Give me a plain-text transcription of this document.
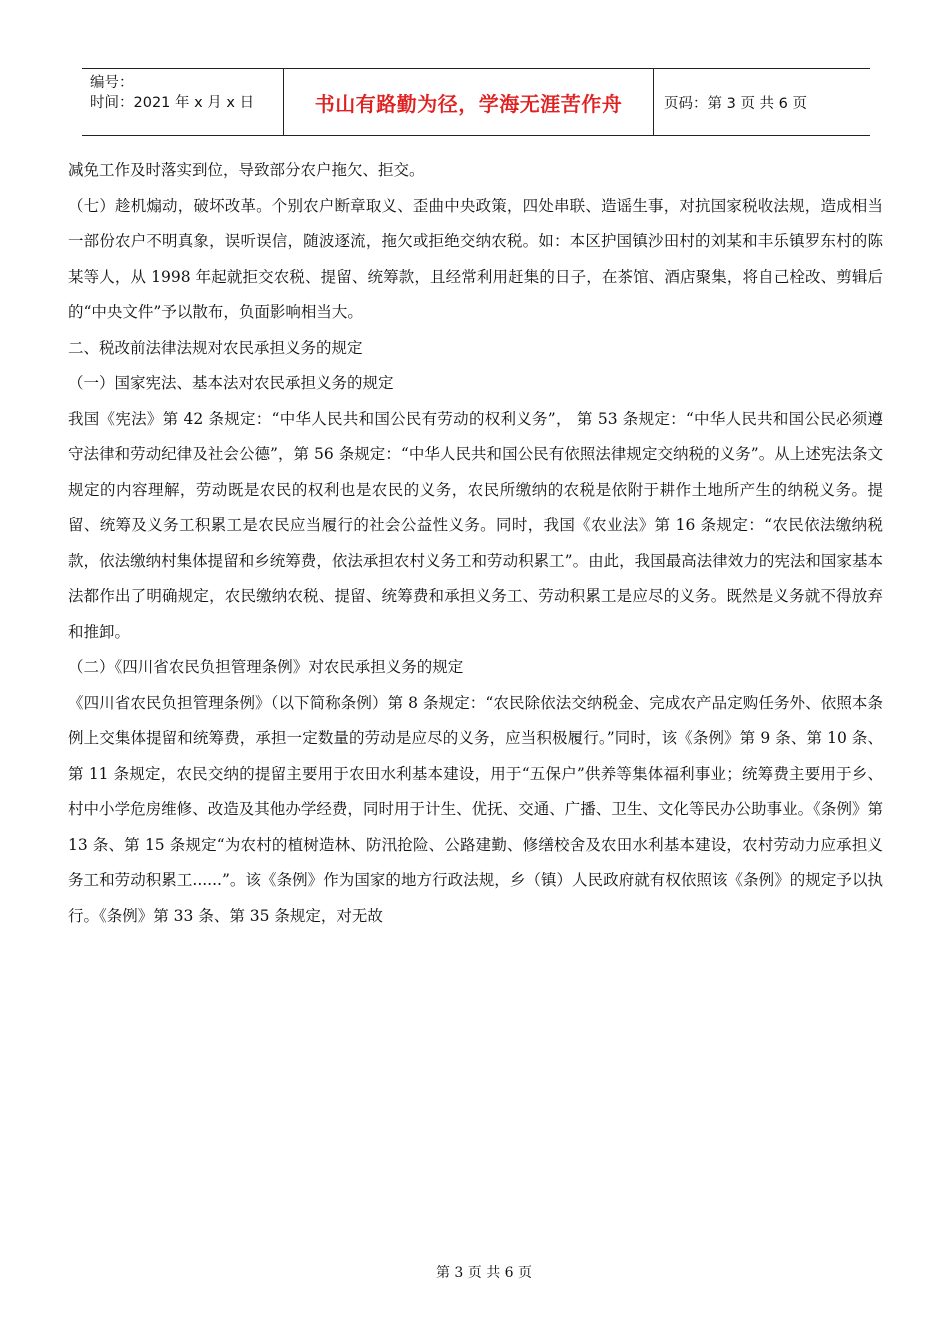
编号：
时间：2021 年 x 月 x 日	书山有路勤为径，学海无涯苦作舟	页码：第 3 页 共 6 页

减免工作及时落实到位，导致部分农户拖欠、拒交。

（七）趁机煽动，破坏改革。个别农户断章取义、歪曲中央政策，四处串联、造谣生事，对抗国家税收法规，造成相当一部份农户不明真象，误听误信，随波逐流，拖欠或拒绝交纳农税。如：本区护国镇沙田村的刘某和丰乐镇罗东村的陈某等人，从 1998 年起就拒交农税、提留、统筹款，且经常利用赶集的日子，在茶馆、酒店聚集，将自己栓改、剪辑后的“中央文件”予以散布，负面影响相当大。

二、税改前法律法规对农民承担义务的规定

（一）国家宪法、基本法对农民承担义务的规定

我国《宪法》第 42 条规定：“中华人民共和国公民有劳动的权利义务”， 第 53 条规定：“中华人民共和国公民必须遵守法律和劳动纪律及社会公德”，第 56 条规定：“中华人民共和国公民有依照法律规定交纳税的义务”。从上述宪法条文规定的内容理解，劳动既是农民的权利也是农民的义务，农民所缴纳的农税是依附于耕作土地所产生的纳税义务。提留、统筹及义务工积累工是农民应当履行的社会公益性义务。同时，我国《农业法》第 16 条规定：“农民依法缴纳税款，依法缴纳村集体提留和乡统筹费，依法承担农村义务工和劳动积累工”。由此，我国最高法律效力的宪法和国家基本法都作出了明确规定，农民缴纳农税、提留、统筹费和承担义务工、劳动积累工是应尽的义务。既然是义务就不得放弃和推卸。

（二）《四川省农民负担管理条例》对农民承担义务的规定

《四川省农民负担管理条例》（以下简称条例）第 8 条规定：“农民除依法交纳税金、完成农产品定购任务外、依照本条例上交集体提留和统筹费，承担一定数量的劳动是应尽的义务，应当积极履行。”同时，该《条例》第 9 条、第 10 条、第 11 条规定，农民交纳的提留主要用于农田水利基本建设，用于“五保户”供养等集体福利事业；统筹费主要用于乡、村中小学危房维修、改造及其他办学经费，同时用于计生、优抚、交通、广播、卫生、文化等民办公助事业。《条例》第 13 条、第 15 条规定“为农村的植树造林、防汛抢险、公路建勤、修缮校舍及农田水利基本建设，农村劳动力应承担义务工和劳动积累工......”。该《条例》作为国家的地方行政法规，乡（镇）人民政府就有权依照该《条例》的规定予以执行。《条例》第 33 条、第 35 条规定，对无故

第 3 页 共 6 页
